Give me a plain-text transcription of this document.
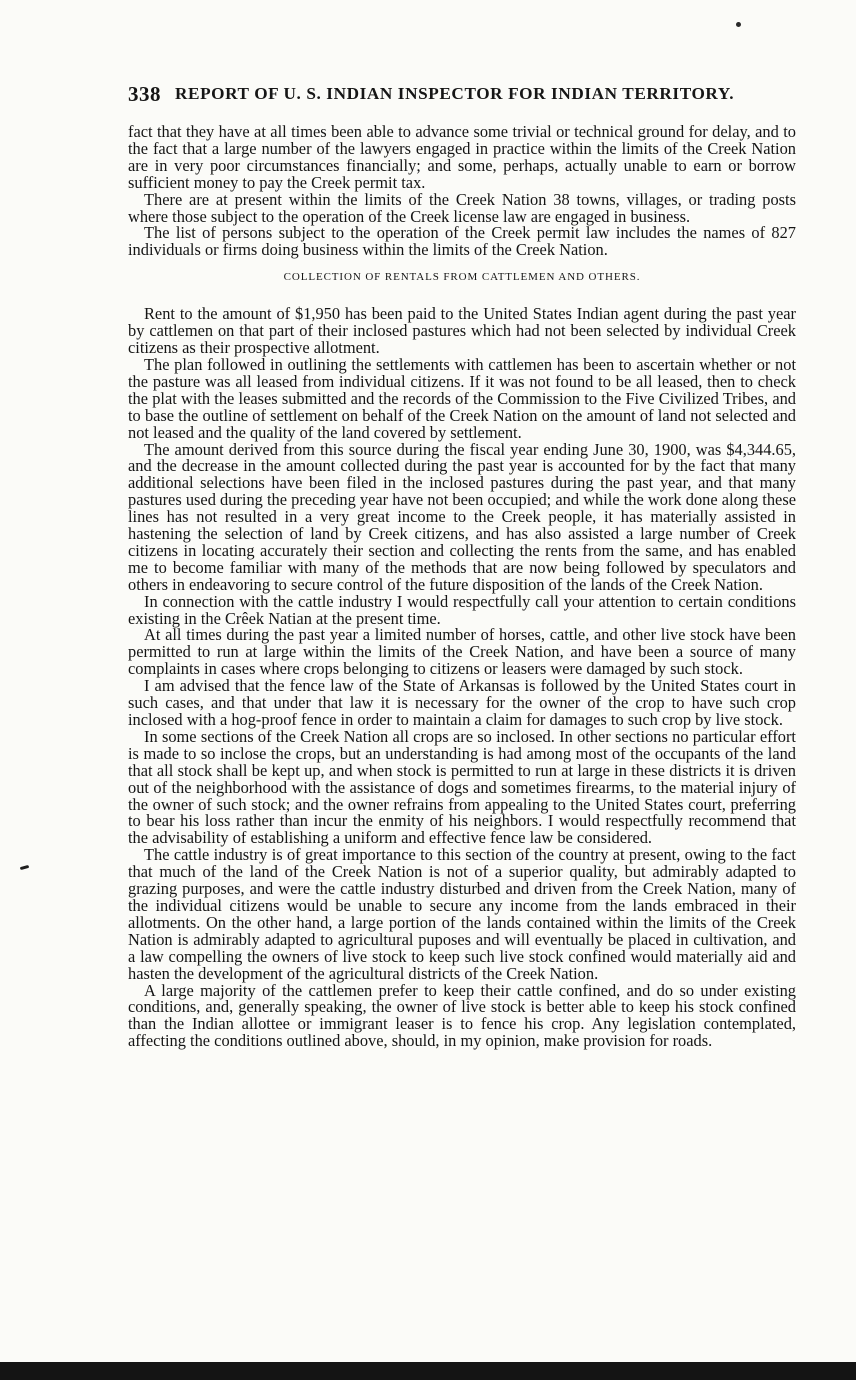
338 REPORT OF U. S. INDIAN INSPECTOR FOR INDIAN TERRITORY.

fact that they have at all times been able to advance some trivial or technical ground for delay, and to the fact that a large number of the lawyers engaged in practice within the limits of the Creek Nation are in very poor circumstances financially; and some, perhaps, actually unable to earn or borrow sufficient money to pay the Creek permit tax.

There are at present within the limits of the Creek Nation 38 towns, villages, or trading posts where those subject to the operation of the Creek license law are engaged in business.

The list of persons subject to the operation of the Creek permit law includes the names of 827 individuals or firms doing business within the limits of the Creek Nation.

COLLECTION OF RENTALS FROM CATTLEMEN AND OTHERS.

Rent to the amount of $1,950 has been paid to the United States Indian agent during the past year by cattlemen on that part of their inclosed pastures which had not been selected by individual Creek citizens as their prospective allotment.

The plan followed in outlining the settlements with cattlemen has been to ascertain whether or not the pasture was all leased from individual citizens. If it was not found to be all leased, then to check the plat with the leases submitted and the records of the Commission to the Five Civilized Tribes, and to base the outline of settlement on behalf of the Creek Nation on the amount of land not selected and not leased and the quality of the land covered by settlement.

The amount derived from this source during the fiscal year ending June 30, 1900, was $4,344.65, and the decrease in the amount collected during the past year is accounted for by the fact that many additional selections have been filed in the inclosed pastures during the past year, and that many pastures used during the preceding year have not been occupied; and while the work done along these lines has not resulted in a very great income to the Creek people, it has materially assisted in hastening the selection of land by Creek citizens, and has also assisted a large number of Creek citizens in locating accurately their section and collecting the rents from the same, and has enabled me to become familiar with many of the methods that are now being followed by speculators and others in endeavoring to secure control of the future disposition of the lands of the Creek Nation.

In connection with the cattle industry I would respectfully call your attention to certain conditions existing in the Crêek Natian at the present time.

At all times during the past year a limited number of horses, cattle, and other live stock have been permitted to run at large within the limits of the Creek Nation, and have been a source of many complaints in cases where crops belonging to citizens or leasers were damaged by such stock.

I am advised that the fence law of the State of Arkansas is followed by the United States court in such cases, and that under that law it is necessary for the owner of the crop to have such crop inclosed with a hog-proof fence in order to maintain a claim for damages to such crop by live stock.

In some sections of the Creek Nation all crops are so inclosed. In other sections no particular effort is made to so inclose the crops, but an understanding is had among most of the occupants of the land that all stock shall be kept up, and when stock is permitted to run at large in these districts it is driven out of the neighborhood with the assistance of dogs and sometimes firearms, to the material injury of the owner of such stock; and the owner refrains from appealing to the United States court, preferring to bear his loss rather than incur the enmity of his neighbors. I would respectfully recommend that the advisability of establishing a uniform and effective fence law be considered.

The cattle industry is of great importance to this section of the country at present, owing to the fact that much of the land of the Creek Nation is not of a superior quality, but admirably adapted to grazing purposes, and were the cattle industry disturbed and driven from the Creek Nation, many of the individual citizens would be unable to secure any income from the lands embraced in their allotments. On the other hand, a large portion of the lands contained within the limits of the Creek Nation is admirably adapted to agricultural puposes and will eventually be placed in cultivation, and a law compelling the owners of live stock to keep such live stock confined would materially aid and hasten the development of the agricultural districts of the Creek Nation.

A large majority of the cattlemen prefer to keep their cattle confined, and do so under existing conditions, and, generally speaking, the owner of live stock is better able to keep his stock confined than the Indian allottee or immigrant leaser is to fence his crop. Any legislation contemplated, affecting the conditions outlined above, should, in my opinion, make provision for roads.
